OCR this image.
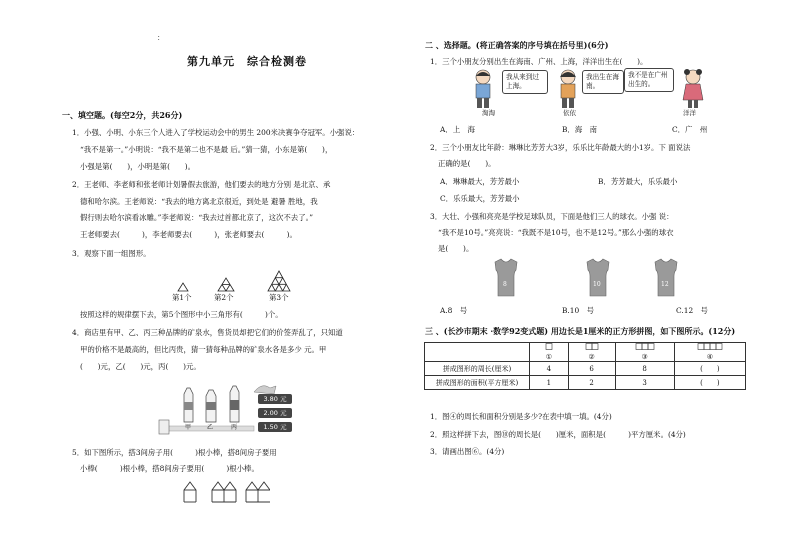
：
第九单元　综合检测卷
一、填空题。(每空2分，共26分)
1．小强、小明、小东三个人进入了学校运动会中的男生 200米决赛争夺冠军。小强说：
“我不是第一。”小明说：“我不是第二也不是最 后。”猜一猜，小东是第(　　)，
小强是第(　　)，小明是第(　　)。
2．王老师、李老师和张老师计划暑假去旅游，他们要去的地方分别 是北京、承
德和哈尔滨。王老师说：“我去的地方离北京很近，到处是 避暑 胜地，我
假行则去哈尔滨看冰雕。”李老师说：“我去过首都北京了，这次不去了。”
王老师要去(　　　)，李老师要去(　　　)，张老师要去(　　　)。
3．观察下面一组图形。
第1个	第2个	第3个
按照这样的规律摆下去，第5个图形中小三角形有(　　　)个。
4．商店里有甲、乙、丙三种品牌的矿泉水，售货员却把它们的价签弄乱了，只知道
甲的价格不是最高的，但比丙贵，猜一猜每种品牌的矿泉水各是多少 元。甲
(　　)元，乙(　　)元，丙(　　)元。
甲	乙	丙
3.80 元
2.00 元
1.50 元
5．如下图所示，搭3间房子用(　　　)根小棒，搭8间房子要用
小棒(　　　)根小棒，搭8间房子要用(　　　)根小棒。
二 、选择题。(将正确答案的序号填在括号里)(6分)
1．三个小朋友分别出生在海南、广州、上海，洋洋出生在(　　)。
我从来到过上海。
淘淘
我出生在海南。
依依
我不是在广州出生的。
洋洋
A．上　海	B．海　南	C．广　州
2．三个小朋友比年龄：琳琳比芳芳大3岁，乐乐比年龄最大的小1岁。下 面说法
正确的是(　　)。
A．琳琳最大，芳芳最小	B．芳芳最大，乐乐最小
C．乐乐最大，芳芳最小
3．大壮、小强和亮亮是学校足球队员，下面是他们三人的球衣。小强 说：
“我不是10号。”亮亮说：“我既不是10号，也不是12号。”那么小强的球衣
是(　　)。
8	10	12
A.8　号	B.10　号	C.12　号
三 、(长沙市期末 ·数学92变式题) 用边长是1厘米的正方形拼图，如下图所示。(12分)

①	②	③	④
拼成图形的周长(厘米)	4	6	8	(　　)
拼成图形的面积(平方厘米)	1	2	3	(　　)
1．图④的周长和面积分别是多少?在表中填一填。(4分)
2．照这样拼下去，图⑩的周长是(　　)厘米，面积是(　　　)平方厘米。(4分)
3．请画出图⑥。(4分)
